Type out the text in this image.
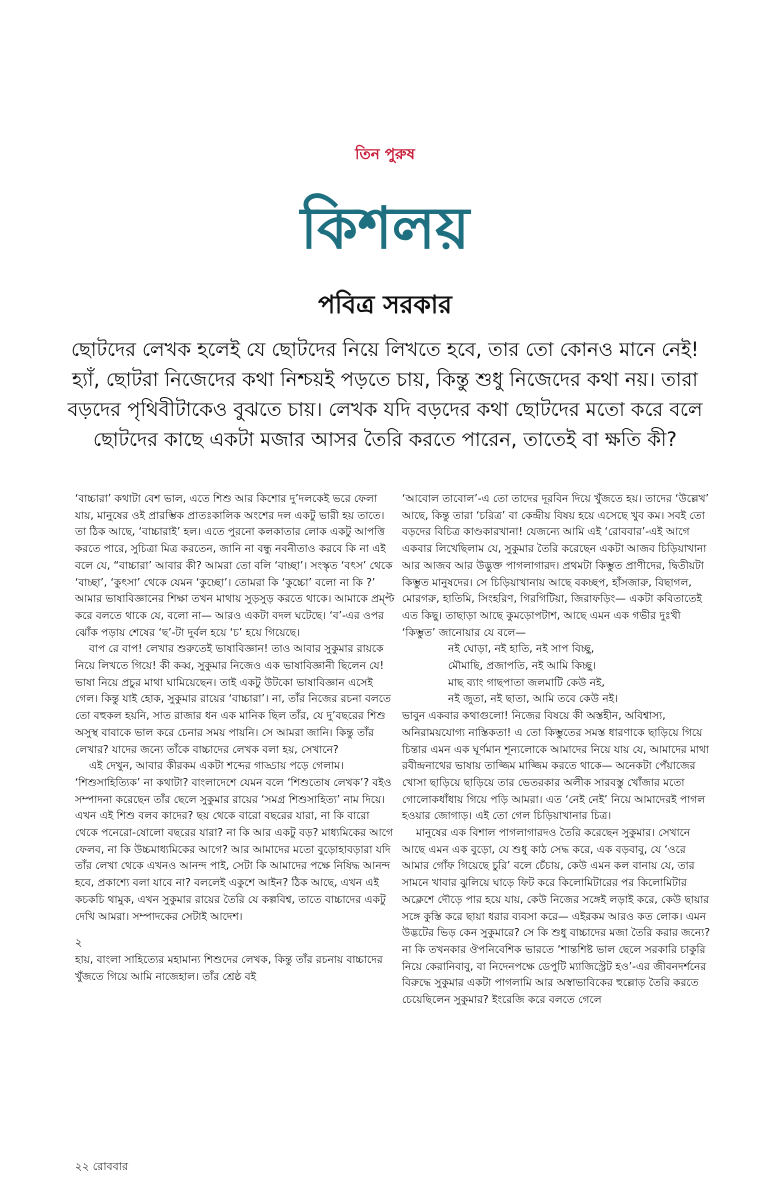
তিন পুরুষ
কিশলয়
পবিত্র সরকার
ছোটদের লেখক হলেই যে ছোটদের নিয়ে লিখতে হবে, তার তো কোনও মানে নেই! হ্যাঁ, ছোটরা নিজেদের কথা নিশ্চয়ই পড়তে চায়, কিন্তু শুধু নিজেদের কথা নয়। তারা বড়দের পৃথিবীটাকেও বুঝতে চায়। লেখক যদি বড়দের কথা ছোটদের মতো করে বলে ছোটদের কাছে একটা মজার আসর তৈরি করতে পারেন, তাতেই বা ক্ষতি কী?

‘বাচ্চারা’ কথাটা বেশ ভাল, এতে শিশু আর কিশোর দু’দলকেই ভরে ফেলা যায়, মানুষের ওই প্রারম্ভিক প্রাতঃকালিক অংশের দল একটু ভারী হয় তাতে। তা ঠিক আছে, ‘বাচ্চারাই’ হল। এতে পুরনো কলকাতার লোক একটু আপত্তি করতে পারে, সুচিত্রা মিত্র করতেন, জানি না বন্ধু নবনীতাও করবে কি না এই বলে যে, “বাচ্চারা’ আবার কী? আমরা তো বলি ‘বাচ্ছা’। সংস্কৃত ‘বৎস’ থেকে ‘বাচ্ছা’, ‘কুৎসা’ থেকে যেমন ‘কুচ্ছো’। তোমরা কি ‘কুচ্চো’ বলো না কি ?’ আমার ভাষাবিজ্ঞানের শিক্ষা তখন মাথায় সুড়সুড় করতে থাকে। আমাকে প্রম্প্ট করে বলতে থাকে যে, বলো না— আরও একটা বদল ঘটেছে। ‘ব’-এর ওপর ঝোঁক পড়ায় শেষের ‘ছ’-টা দুর্বল হয়ে ‘চ’ হয়ে গিয়েছে।

বাপ রে বাপ! লেখার শুরুতেই ভাষাবিজ্ঞান! তাও আবার সুকুমার রায়কে নিয়ে লিখতে গিয়ে! কী কব্ব, সুকুমার নিজেও এক ভাষাবিজ্ঞানী ছিলেন যে! ভাষা নিয়ে প্রচুর মাথা ঘামিয়েছেন। তাই একটু উটকো ভাষাবিজ্ঞান এসেই গেল। কিন্তু যাই হোক, সুকুমার রায়ের ‘বাচ্চারা’। না, তাঁর নিজের রচনা বলতে তো বহুকল হয়নি, সাত রাজার ধন এক মানিক ছিল তাঁর, যে দু’বছরের শিশু অসুস্থ বাবাকে ভাল করে চেনার সময় পায়নি। সে আমরা জানি। কিন্তু তাঁর লেখার? যাদের জন্যে তাঁকে বাচ্চাদের লেখক বলা হয়, সেখানে?

এই দেখুন, আবার কীরকম একটা শব্দের গাড্ডায় পড়ে গেলাম। ‘শিশুসাহিত্যিক’ না কথাটা? বাংলাদেশে যেমন বলে ‘শিশুতোষ লেখক’? বইও সম্পাদনা করেছেন তাঁর ছেলে সুকুমার রায়ের ‘সমগ্র শিশুসাহিত্য’ নাম দিয়ে। এখন এই শিশু বলব কাদের? ছয় থেকে বারো বছরের যারা, না কি বারো থেকে পনেরো-ষোলো বছরের যারা? না কি আর একটু বড়? মাধ্যমিকের আগে ফেলব, না কি উচ্চমাধ্যমিকের আগে? আর আমাদের মতো বুড়োহাবড়ারা যদি তাঁর লেখা থেকে এখনও আনন্দ পাই, সেটা কি আমাদের পক্ষে নিষিদ্ধ আনন্দ হবে, প্রকাশ্যে বলা যাবে না? বললেই একুশে আইন? ঠিক আছে, এখন এই কচকচি থামুক, এখন সুকুমার রায়ের তৈরি যে কল্পবিশ্ব, তাতে বাচ্চাদের একটু দেখি আমরা। সম্পাদকের সেটাই আদেশ।

২

হায়, বাংলা সাহিত্যের মহামান্য শিশুদের লেখক, কিন্তু তাঁর রচনায় বাচ্চাদের খুঁজতে গিয়ে আমি নাজেহাল। তাঁর শ্রেষ্ঠ বই

‘আবোল তাবোল’-এ তো তাদের দূরবিন দিয়ে খুঁজতে হয়। তাদের ‘উল্লেখ’ আছে, কিন্তু তারা ‘চরিত্র’ বা কেন্দ্রীয় বিষয় হয়ে এসেছে খুব কম। সবই তো বড়দের বিচিত্র কাণ্ডকারখানা! যেজন্যে আমি এই ‘রোববার’-এই আগে একবার লিখেছিলাম যে, সুকুমার তৈরি করেছেন একটা আজব চিড়িয়াখানা আর আজব আর উদ্ভুক্ত পাগলাগারদ। প্রথমটা কিম্ভুত প্রাণীদের, দ্বিতীয়টা কিম্ভুত মানুষদের। সে চিড়িয়াখানায় আছে বকচ্ছপ, হাঁসজারু, বিছাগল, মোরগরু, হাতিমি, সিংহরিণ, গিরগিটিয়া, জিরাফড়িং— একটা কবিতাতেই এত কিছু। তাছাড়া আছে কুমড়োপটাশ, আছে এমন এক গভীর দুঃখী ‘কিম্ভুত’ জানোয়ার যে বলে—

নই ঘোড়া, নই হাতি, নই সাপ বিচ্ছু,
মৌমাছি, প্রজাপতি, নই আমি কিচ্ছু।
মাছ ব্যাং গাছপাতা জলমাটি কেউ নই,
নই জুতা, নই ছাতা, আমি তবে কেউ নই।

ভাবুন একবার কথাগুলো! নিজের বিষয়ে কী অস্তহীন, অবিশ্বাস্য, অনিরাময়যোগ্য নাস্তিকতা! এ তো কিম্ভুতের সমস্ত ধারণাকে ছাড়িয়ে গিয়ে চিন্তার এমন এক ঘূর্ণমান শূন্যলোকে আমাদের নিয়ে যায় যে, আমাদের মাথা রবীন্দ্রনাথের ভাষায় তাজ্জিম মাজ্জিম করতে থাকে— অনেকটা পেঁয়াজের খোসা ছাড়িয়ে ছাড়িয়ে তার ভেতরকার অলীক সারবস্তু খোঁজার মতো গোলোকধাঁধায় গিয়ে পড়ি আমরা। এত ‘নেই নেই’ নিয়ে আমাদেরই পাগল হওয়ার জোগাড়। এই তো গেল চিড়িয়াখানার চিত্র।

মানুষের এক বিশাল পাগলাগারদও তৈরি করেছেন সুকুমার। সেখানে আছে এমন এক বুড়ো, যে শুধু কাঠ সেদ্ধ করে, এক বড়বাবু, যে ‘ওরে আমার গোঁফ গিয়েছে চুরি’ বলে চেঁচায়, কেউ এমন কল বানায় যে, তার সামনে খাবার ঝুলিয়ে ঘাড়ে ফিট করে কিলোমিটারের পর কিলোমিটার অক্লেশে দৌড়ে পার হয়ে যায়, কেউ নিজের সঙ্গেই লড়াই করে, কেউ ছায়ার সঙ্গে কুস্তি করে ছায়া ধরার ব্যবসা করে— এইরকম আরও কত লোক। এমন উদ্ভটের ভিড় কেন সুকুমারে? সে কি শুধু বাচ্চাদের মজা তৈরি করার জন্যে? না কি তখনকার ঔপনিবেশিক ভারতে ‘শান্তশিষ্ট ভাল ছেলে সরকারি চাকুরি নিয়ে কেরানিবাবু, বা নিদেনপক্ষে ডেপুটি ম্যাজিস্ট্রেট হও’-এর জীবনদর্শনের বিরুদ্ধে সুকুমার একটা পাগলামি আর অস্বাভাবিকের হুল্লোড় তৈরি করতে চেয়েছিলেন সুকুমার? ইংরেজি করে বলতে গেলে

২২ রোববার
